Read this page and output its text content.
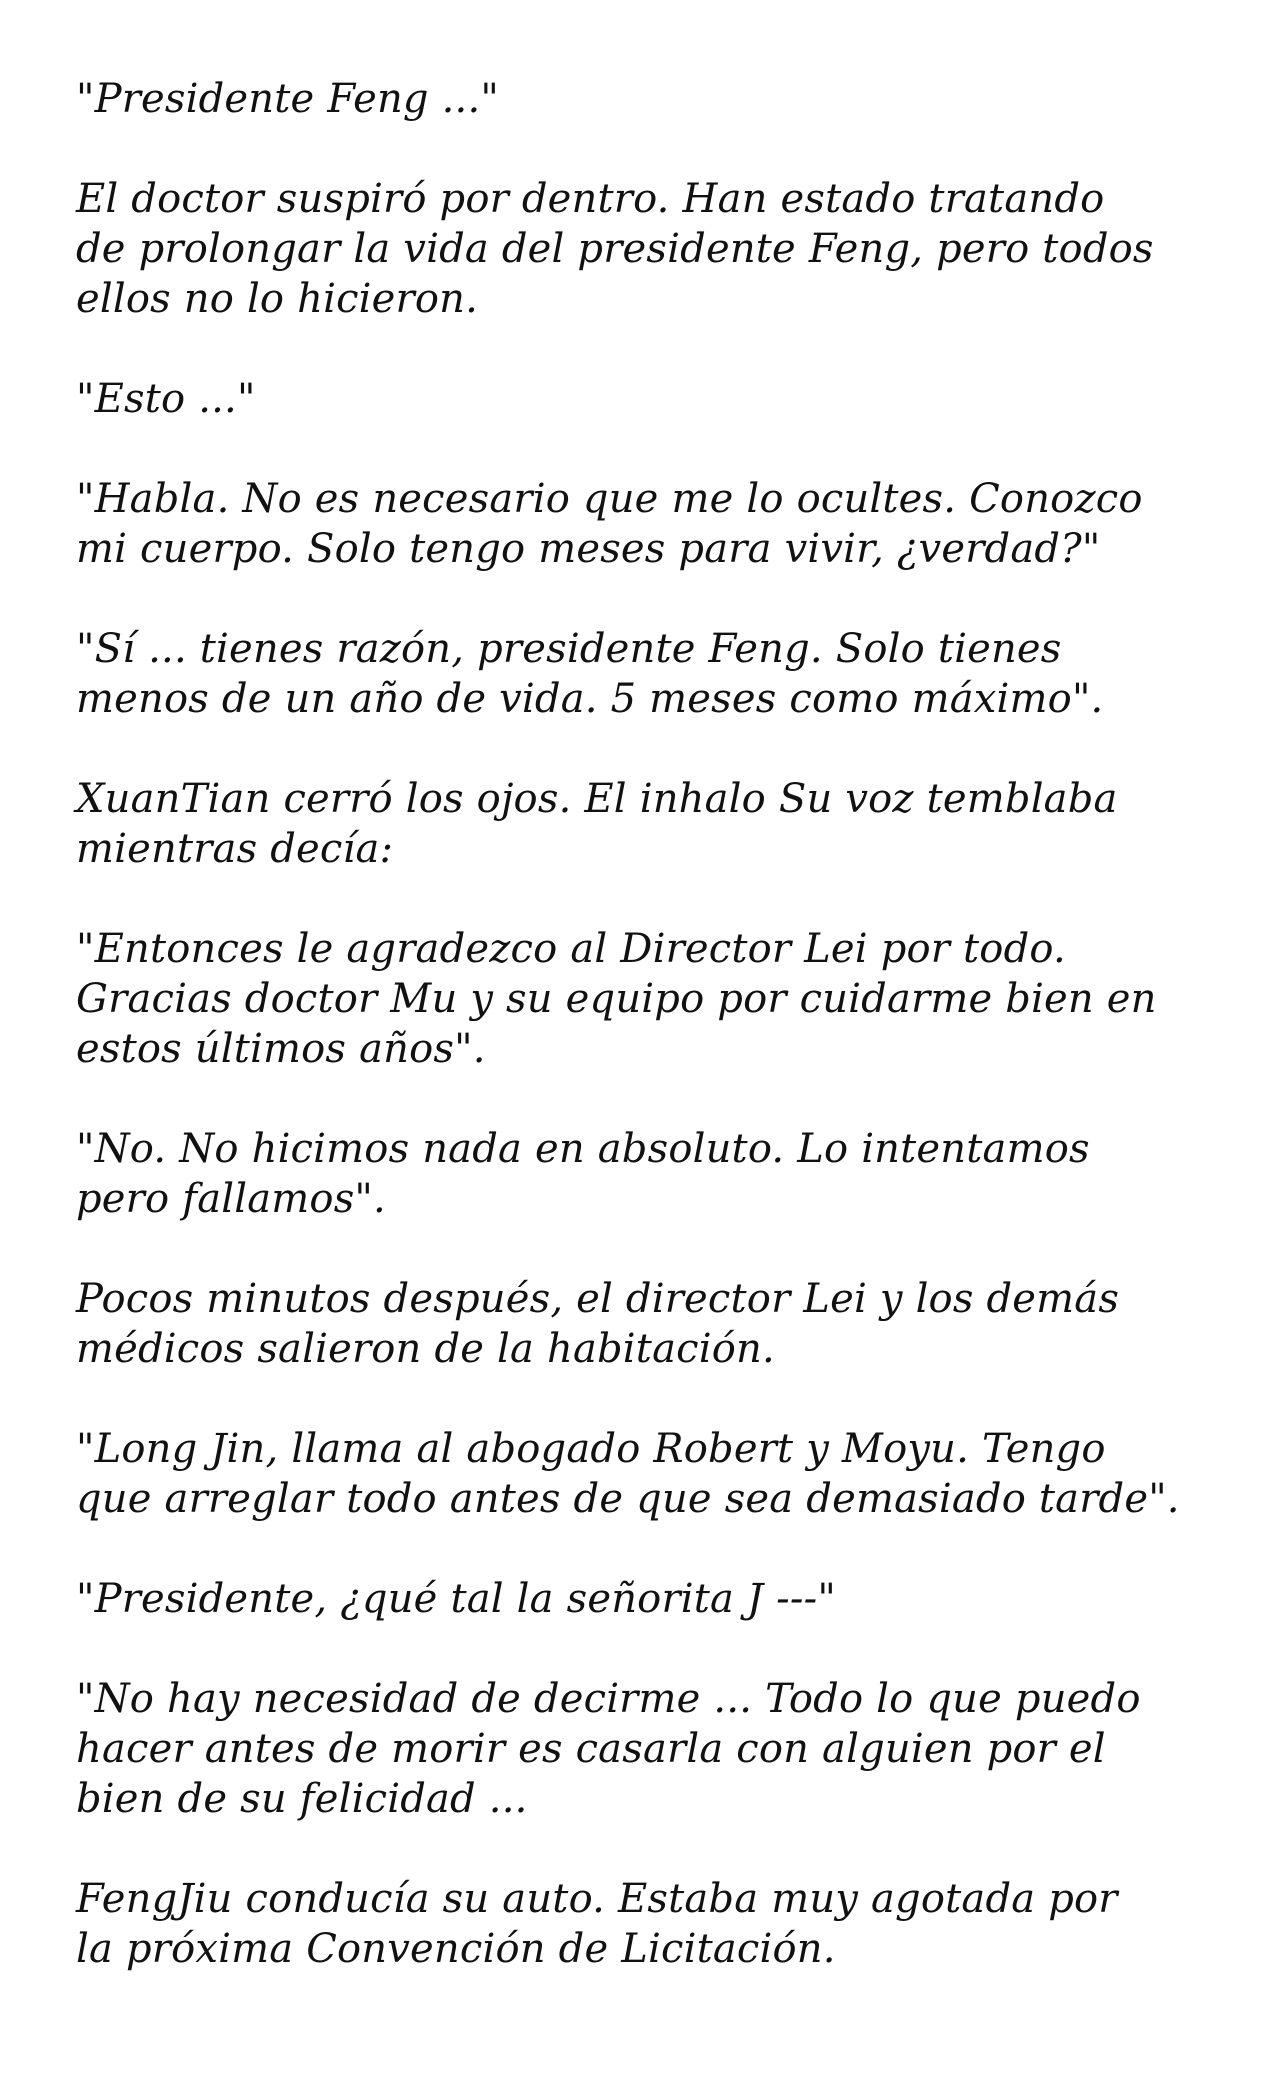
"Presidente Feng ..."

El doctor suspiró por dentro. Han estado tratando
de prolongar la vida del presidente Feng, pero todos
ellos no lo hicieron.

"Esto ..."

"Habla. No es necesario que me lo ocultes. Conozco
mi cuerpo. Solo tengo meses para vivir, ¿verdad?"

"Sí ... tienes razón, presidente Feng. Solo tienes
menos de un año de vida. 5 meses como máximo".

XuanTian cerró los ojos. El inhalo Su voz temblaba
mientras decía:

"Entonces le agradezco al Director Lei por todo.
Gracias doctor Mu y su equipo por cuidarme bien en
estos últimos años".

"No. No hicimos nada en absoluto. Lo intentamos
pero fallamos".

Pocos minutos después, el director Lei y los demás
médicos salieron de la habitación.

"Long Jin, llama al abogado Robert y Moyu. Tengo
que arreglar todo antes de que sea demasiado tarde".

"Presidente, ¿qué tal la señorita J ---"

"No hay necesidad de decirme ... Todo lo que puedo
hacer antes de morir es casarla con alguien por el
bien de su felicidad ...

FengJiu conducía su auto. Estaba muy agotada por
la próxima Convención de Licitación.
